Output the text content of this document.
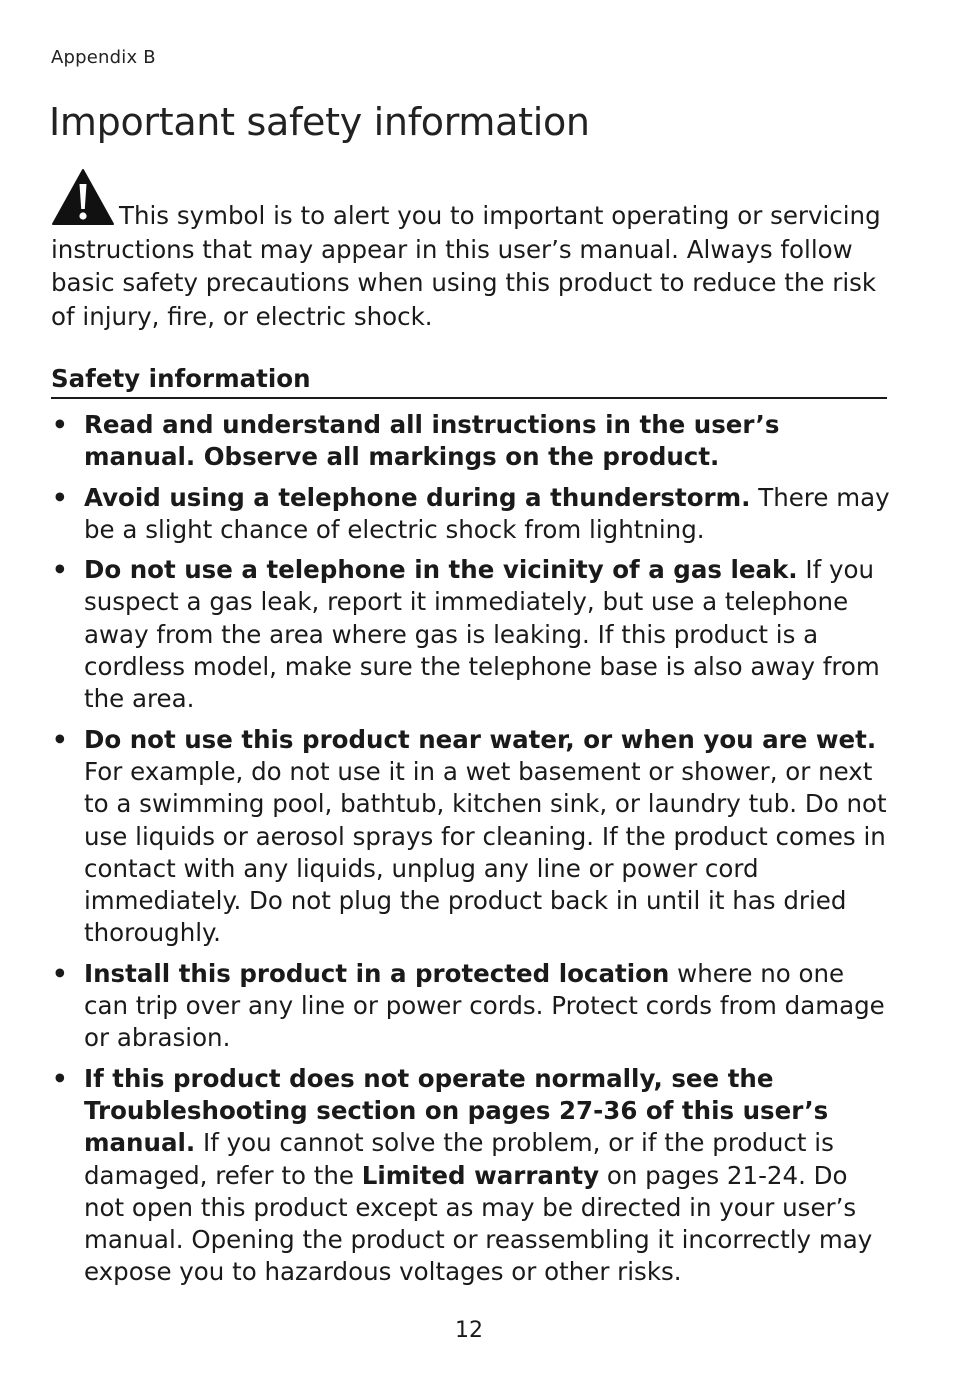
Appendix B
Important safety information

This symbol is to alert you to important operating or servicing instructions that may appear in this user’s manual. Always follow basic safety precautions when using this product to reduce the risk of injury, fire, or electric shock.

Safety information
• Read and understand all instructions in the user’s manual. Observe all markings on the product.
• Avoid using a telephone during a thunderstorm. There may be a slight chance of electric shock from lightning.
• Do not use a telephone in the vicinity of a gas leak. If you suspect a gas leak, report it immediately, but use a telephone away from the area where gas is leaking. If this product is a cordless model, make sure the telephone base is also away from the area.
• Do not use this product near water, or when you are wet. For example, do not use it in a wet basement or shower, or next to a swimming pool, bathtub, kitchen sink, or laundry tub. Do not use liquids or aerosol sprays for cleaning. If the product comes in contact with any liquids, unplug any line or power cord immediately. Do not plug the product back in until it has dried thoroughly.
• Install this product in a protected location where no one can trip over any line or power cords. Protect cords from damage or abrasion.
• If this product does not operate normally, see the Troubleshooting section on pages 27-36 of this user’s manual. If you cannot solve the problem, or if the product is damaged, refer to the Limited warranty on pages 21-24. Do not open this product except as may be directed in your user’s manual. Opening the product or reassembling it incorrectly may expose you to hazardous voltages or other risks.
12
